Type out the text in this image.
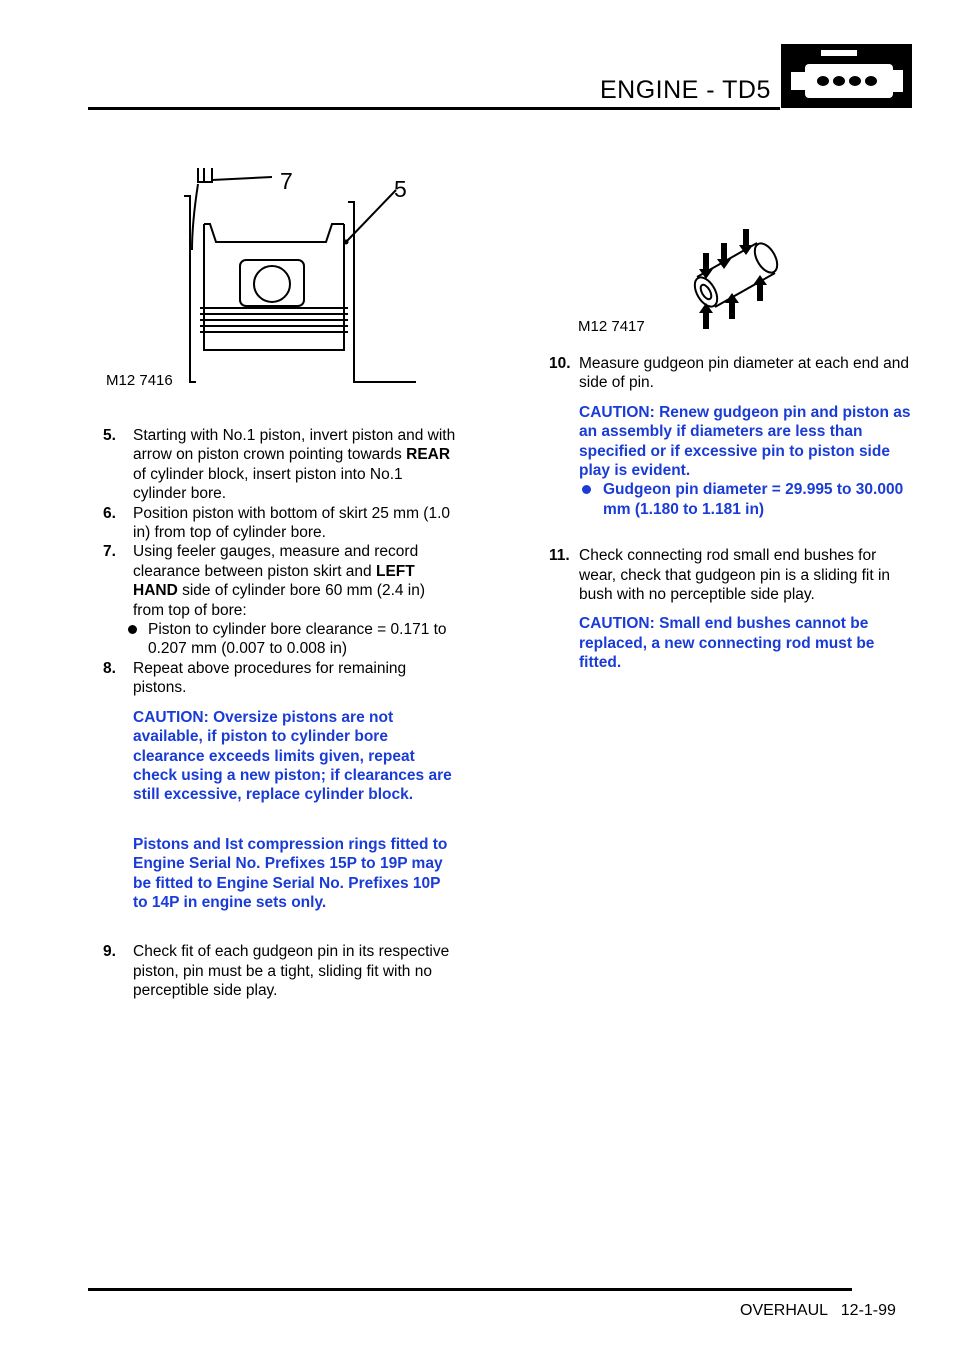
ENGINE - TD5
7	5
M12 7416
M12 7417
5. Starting with No.1 piston, invert piston and with arrow on piston crown pointing towards REAR of cylinder block, insert piston into No.1 cylinder bore.
6. Position piston with bottom of skirt 25 mm (1.0 in) from top of cylinder bore.
7. Using feeler gauges, measure and record clearance between piston skirt and LEFT HAND side of cylinder bore 60 mm (2.4 in) from top of bore:
Piston to cylinder bore clearance = 0.171 to 0.207 mm (0.007 to 0.008 in)
8. Repeat above procedures for remaining pistons.
CAUTION: Oversize pistons are not available, if piston to cylinder bore clearance exceeds limits given, repeat check using a new piston; if clearances are still excessive, replace cylinder block.
Pistons and Ist compression rings fitted to Engine Serial No. Prefixes 15P to 19P may be fitted to Engine Serial No. Prefixes 10P to 14P in engine sets only.
9. Check fit of each gudgeon pin in its respective piston, pin must be a tight, sliding fit with no perceptible side play.
10. Measure gudgeon pin diameter at each end and side of pin.
CAUTION: Renew gudgeon pin and piston as an assembly if diameters are less than specified or if excessive pin to piston side play is evident.
Gudgeon pin diameter = 29.995 to 30.000 mm (1.180 to 1.181 in)
11. Check connecting rod small end bushes for wear, check that gudgeon pin is a sliding fit in bush with no perceptible side play.
CAUTION: Small end bushes cannot be replaced, a new connecting rod must be fitted.
OVERHAUL 12-1-99
